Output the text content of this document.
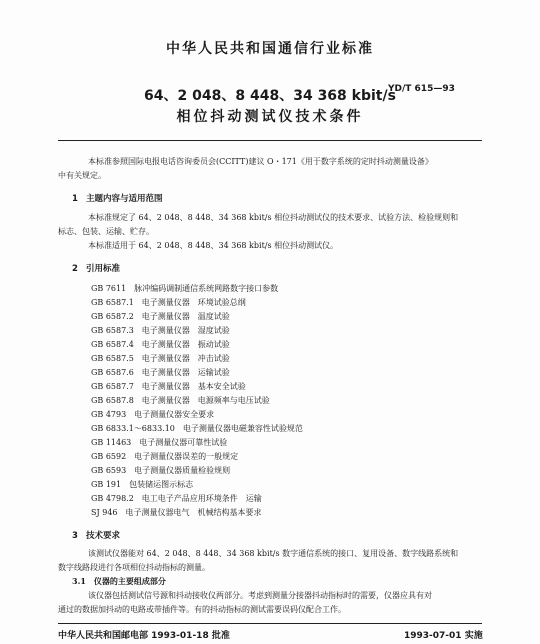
中华人民共和国通信行业标准
64、2 048、8 448、34 368 kbit/s
YD/T 615—93
相位抖动测试仪技术条件
本标准参照国际电报电话咨询委员会(CCITT)建议 O・171《用于数字系统的定时抖动测量设备》
中有关规定。
1 主题内容与适用范围
本标准规定了 64、2 048、8 448、34 368 kbit/s 相位抖动测试仪的技术要求、试验方法、检验规则和
标志、包装、运输、贮存。
本标准适用于 64、2 048、8 448、34 368 kbit/s 相位抖动测试仪。
2 引用标准
GB 7611　脉冲编码调制通信系统网路数字接口参数
GB 6587.1　电子测量仪器　环境试验总纲
GB 6587.2　电子测量仪器　温度试验
GB 6587.3　电子测量仪器　湿度试验
GB 6587.4　电子测量仪器　振动试验
GB 6587.5　电子测量仪器　冲击试验
GB 6587.6　电子测量仪器　运输试验
GB 6587.7　电子测量仪器　基本安全试验
GB 6587.8　电子测量仪器　电源频率与电压试验
GB 4793　电子测量仪器安全要求
GB 6833.1～6833.10　电子测量仪器电磁兼容性试验规范
GB 11463　电子测量仪器可靠性试验
GB 6592　电子测量仪器误差的一般规定
GB 6593　电子测量仪器质量检验规则
GB 191　包装储运图示标志
GB 4798.2　电工电子产品应用环境条件　运输
SJ 946　电子测量仪器电气　机械结构基本要求
3 技术要求
该测试仪器能对 64、2 048、8 448、34 368 kbit/s 数字通信系统的接口、复用设备、数字线路系统和
数字线路段进行各项相位抖动指标的测量。
3.1　仪器的主要组成部分
该仪器包括测试信号源和抖动接收仪两部分。考虑到测量分接器抖动指标时的需要，仪器应具有对
通过的数据加抖动的电路或带插件等。有的抖动指标的测试需要误码仪配合工作。
中华人民共和国邮电部 1993-01-18 批准	1993-07-01 实施
